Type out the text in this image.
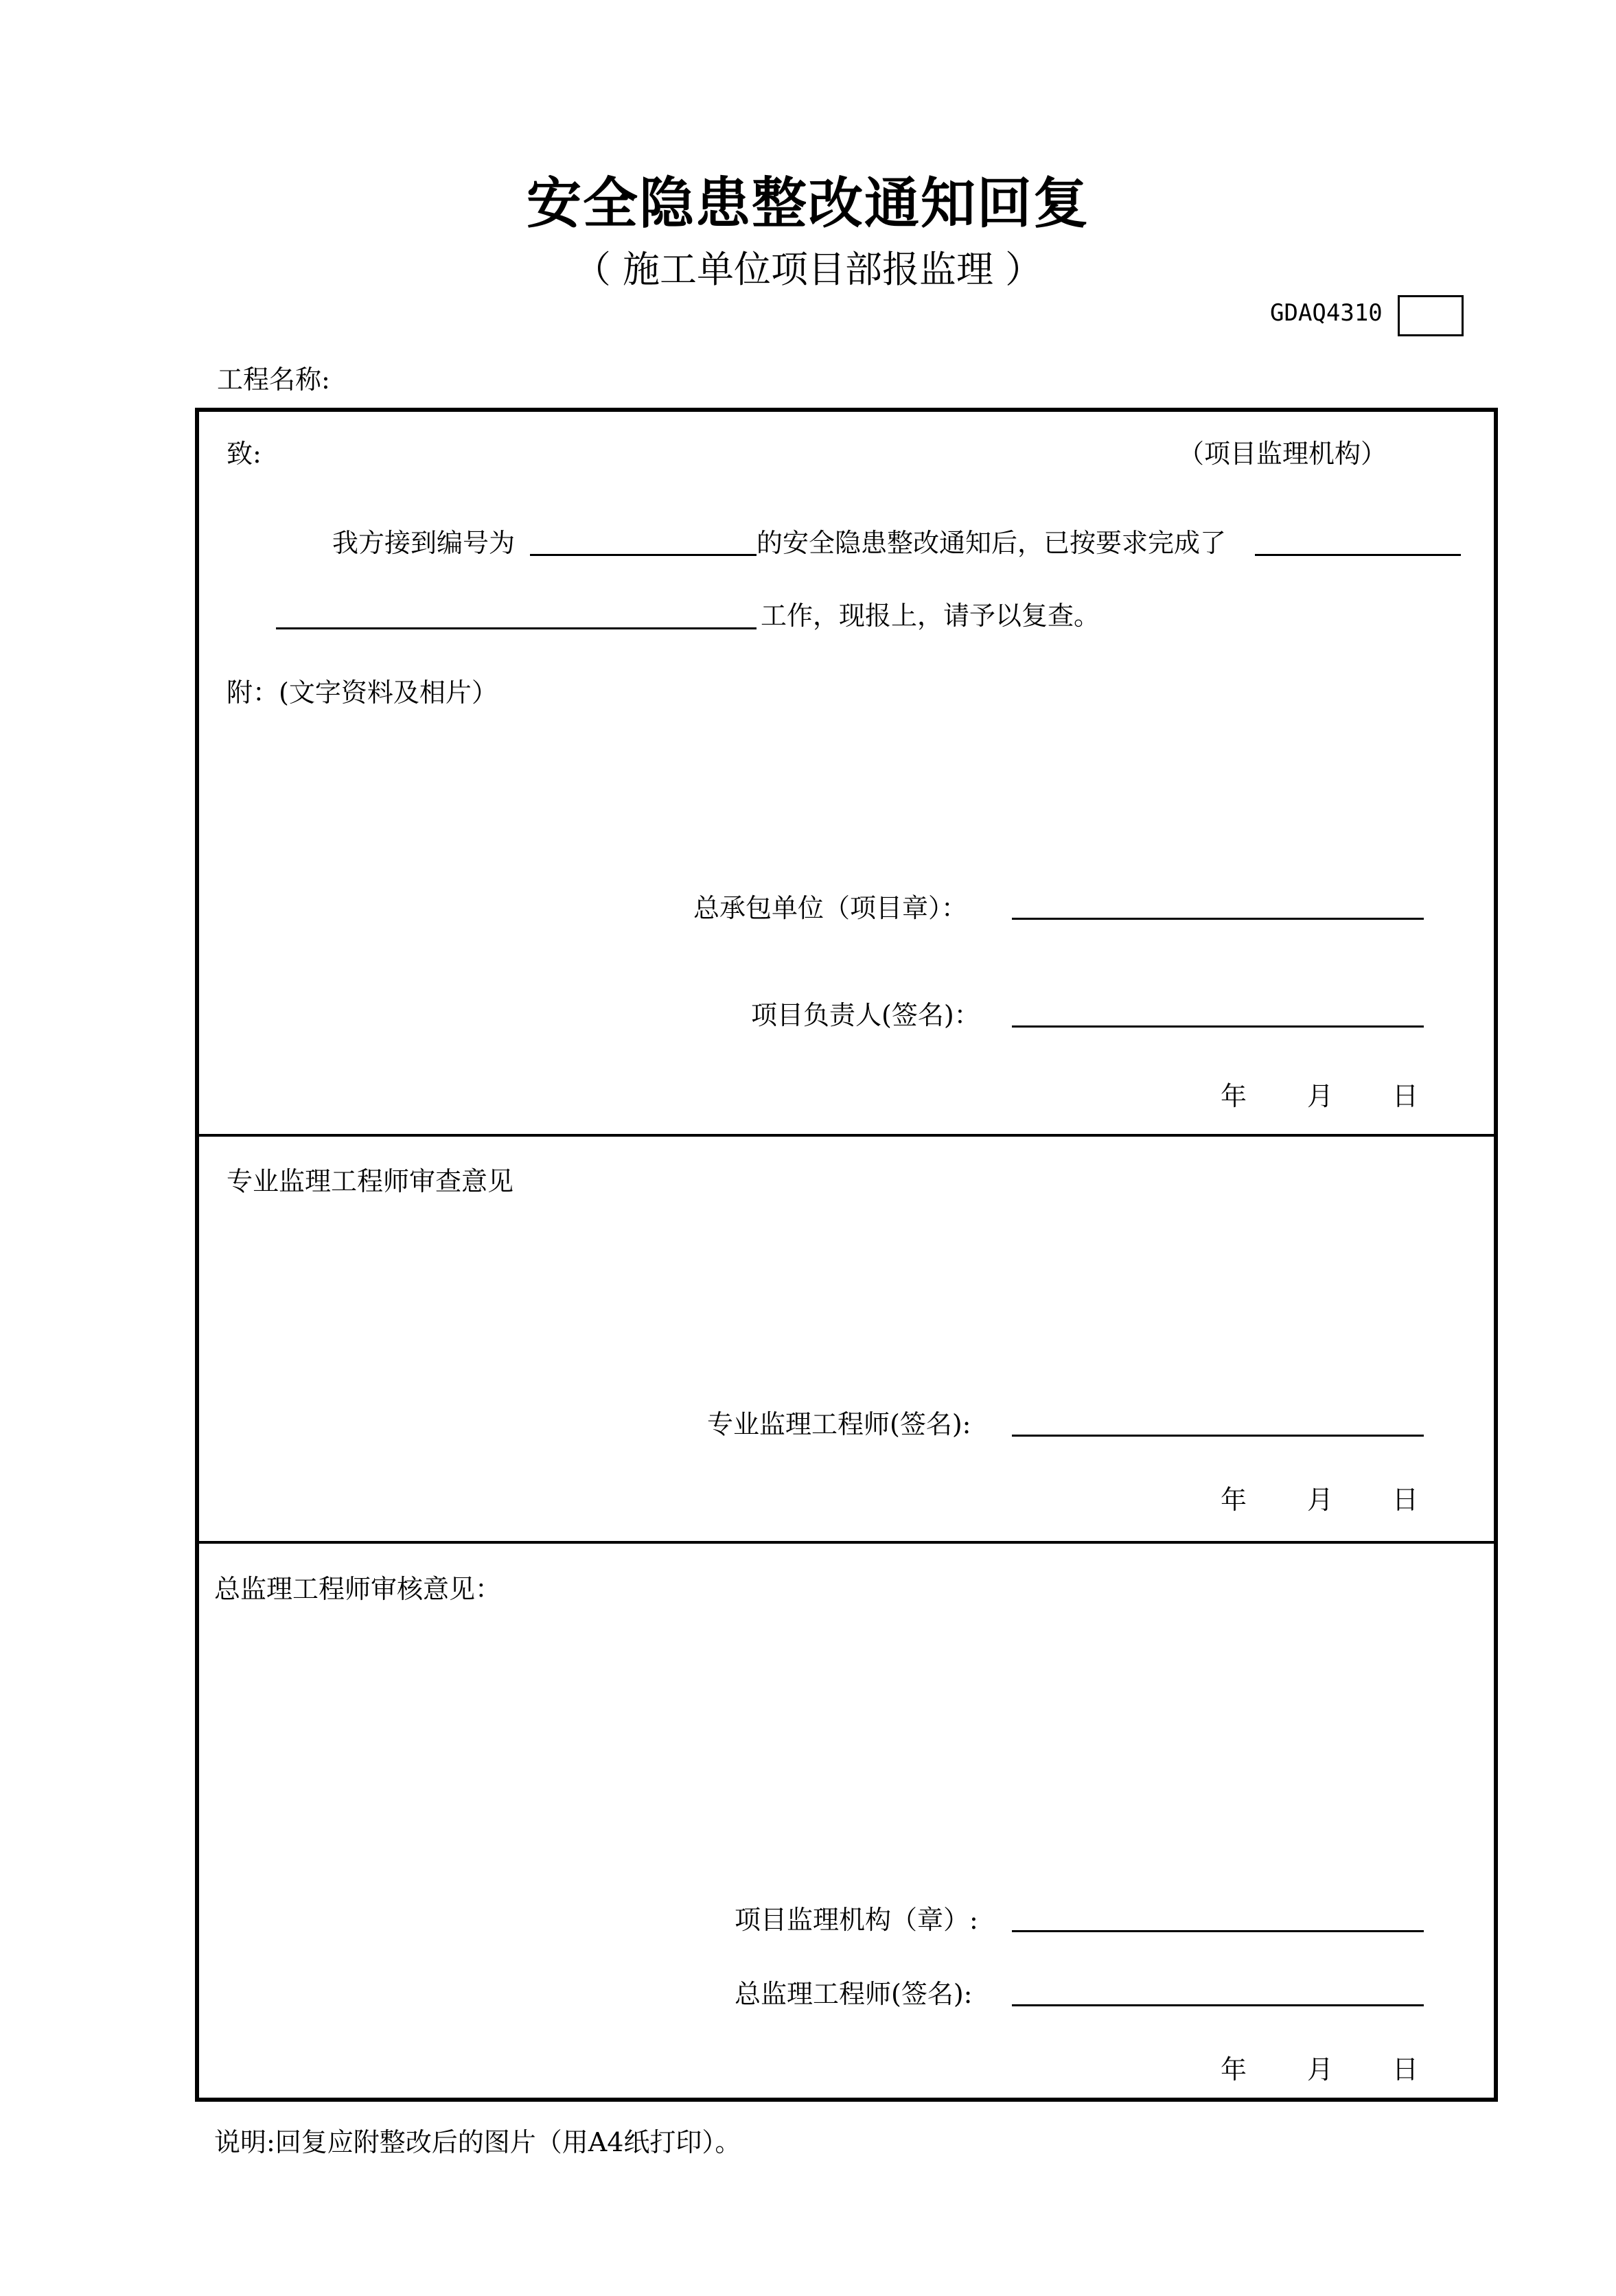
安全隐患整改通知回复
（ 施工单位项目部报监理 ）
GDAQ4310
工程名称:
致:	（项目监理机构）
我方接到编号为	的安全隐患整改通知后，已按要求完成了
工作，现报上，请予以复查。
附：(文字资料及相片）
总承包单位（项目章）：
项目负责人(签名)：
年 月 日
专业监理工程师审查意见
专业监理工程师(签名):
年 月 日
总监理工程师审核意见：
项目监理机构（章）:
总监理工程师(签名):
年 月 日
说明:回复应附整改后的图片（用A4纸打印）。
